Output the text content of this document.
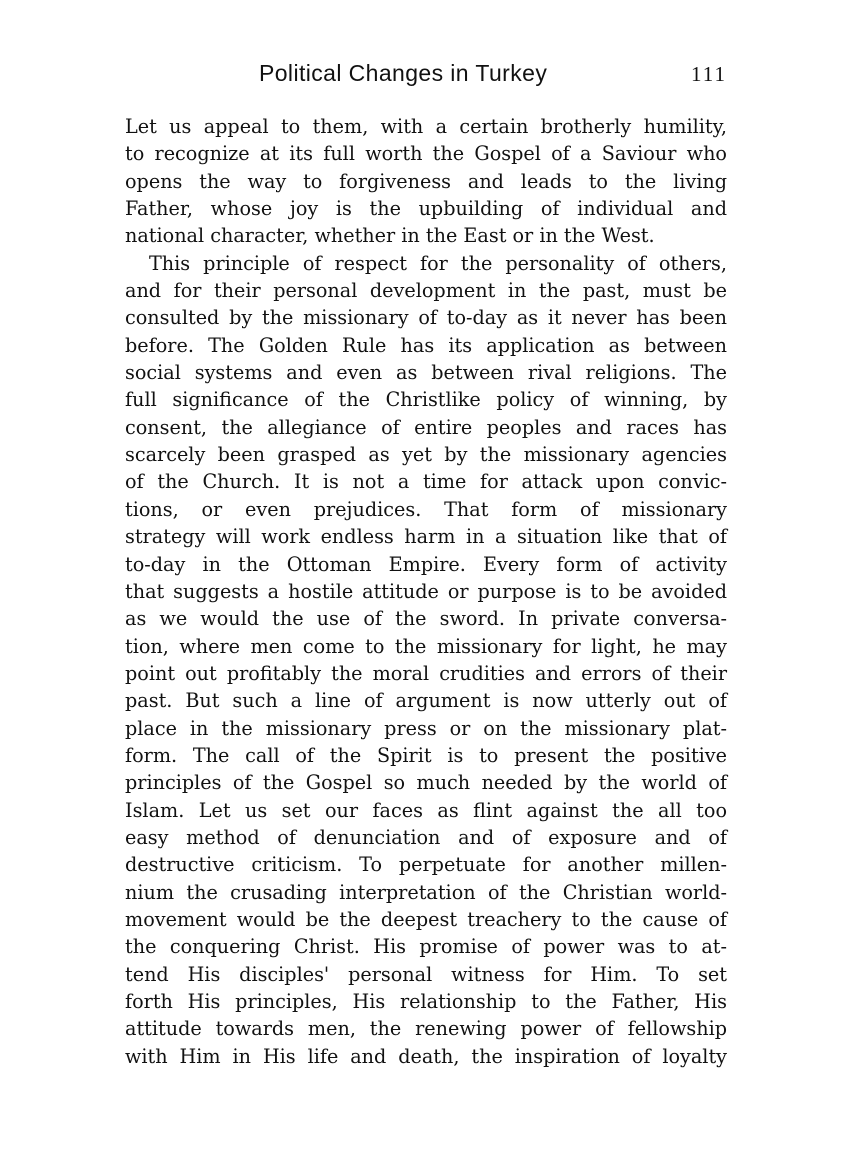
Political Changes in Turkey	111
Let us appeal to them, with a certain brotherly humility,
to recognize at its full worth the Gospel of a Saviour who
opens the way to forgiveness and leads to the living
Father, whose joy is the upbuilding of individual and
national character, whether in the East or in the West.
This principle of respect for the personality of others,
and for their personal development in the past, must be
consulted by the missionary of to-day as it never has been
before. The Golden Rule has its application as between
social systems and even as between rival religions. The
full significance of the Christlike policy of winning, by
consent, the allegiance of entire peoples and races has
scarcely been grasped as yet by the missionary agencies
of the Church. It is not a time for attack upon convic-
tions, or even prejudices. That form of missionary
strategy will work endless harm in a situation like that of
to-day in the Ottoman Empire. Every form of activity
that suggests a hostile attitude or purpose is to be avoided
as we would the use of the sword. In private conversa-
tion, where men come to the missionary for light, he may
point out profitably the moral crudities and errors of their
past. But such a line of argument is now utterly out of
place in the missionary press or on the missionary plat-
form. The call of the Spirit is to present the positive
principles of the Gospel so much needed by the world of
Islam. Let us set our faces as flint against the all too
easy method of denunciation and of exposure and of
destructive criticism. To perpetuate for another millen-
nium the crusading interpretation of the Christian world-
movement would be the deepest treachery to the cause of
the conquering Christ. His promise of power was to at-
tend His disciples' personal witness for Him. To set
forth His principles, His relationship to the Father, His
attitude towards men, the renewing power of fellowship
with Him in His life and death, the inspiration of loyalty
